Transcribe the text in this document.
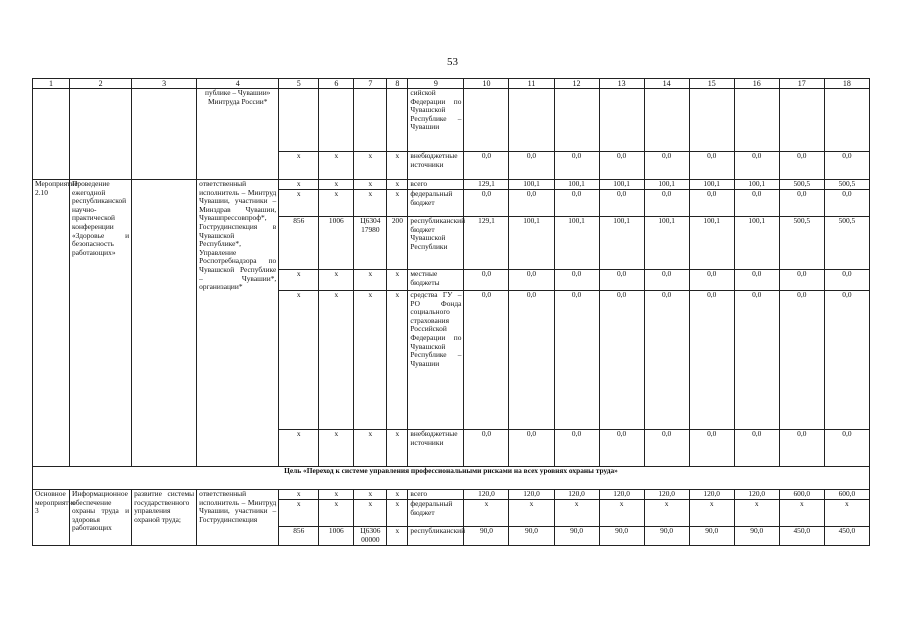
53
1	2	3	4	5	6	7	8	9	10	11	12	13	14	15	16	17	18
			публике – Чувашии» Минтруда России*					сийской Федерации по Чувашской Республике – Чувашии									
				x	x	x	x	внебюджетные источники	0,0	0,0	0,0	0,0	0,0	0,0	0,0	0,0	0,0
Мероприятие 2.10	Проведение ежегодной республиканской научно-практической конференции «Здоровье и безопасность работающих»		ответственный исполнитель – Минтруд Чувашии, участники – Минздрав Чувашии, Чувашпрессовпроф*, Гострудинспекция в Чувашской Республике*, Управление Роспотребнадзора по Чувашской Республике – Чувашии*, организации*	x	x	x	x	всего	129,1	100,1	100,1	100,1	100,1	100,1	100,1	500,5	500,5
				x	x	x	x	федеральный бюджет	0,0	0,0	0,0	0,0	0,0	0,0	0,0	0,0	0,0
				856	1006	Ц6304 17980	200	республиканский бюджет Чувашской Республики	129,1	100,1	100,1	100,1	100,1	100,1	100,1	500,5	500,5
				x	x	x	x	местные бюджеты	0,0	0,0	0,0	0,0	0,0	0,0	0,0	0,0	0,0
				x	x	x	x	средства ГУ – РО Фонда социального страхования Российской Федерации по Чувашской Республике – Чувашии	0,0	0,0	0,0	0,0	0,0	0,0	0,0	0,0	0,0
				x	x	x	x	внебюджетные источники	0,0	0,0	0,0	0,0	0,0	0,0	0,0	0,0	0,0
Цель «Переход к системе управления профессиональными рисками на всех уровнях охраны труда»																	
Основное мероприятие 3	Информационное обеспечение охраны труда и здоровья работающих	развитие системы государственного управления охраной труда;	ответственный исполнитель – Минтруд Чувашии, участники – Гострудинспекция	x	x	x	x	всего	120,0	120,0	120,0	120,0	120,0	120,0	120,0	600,0	600,0
				x	x	x	x	федеральный бюджет	x	x	x	x	x	x	x	x	x
				856	1006	Ц6306 00000	x	республиканский	90,0	90,0	90,0	90,0	90,0	90,0	90,0	450,0	450,0
